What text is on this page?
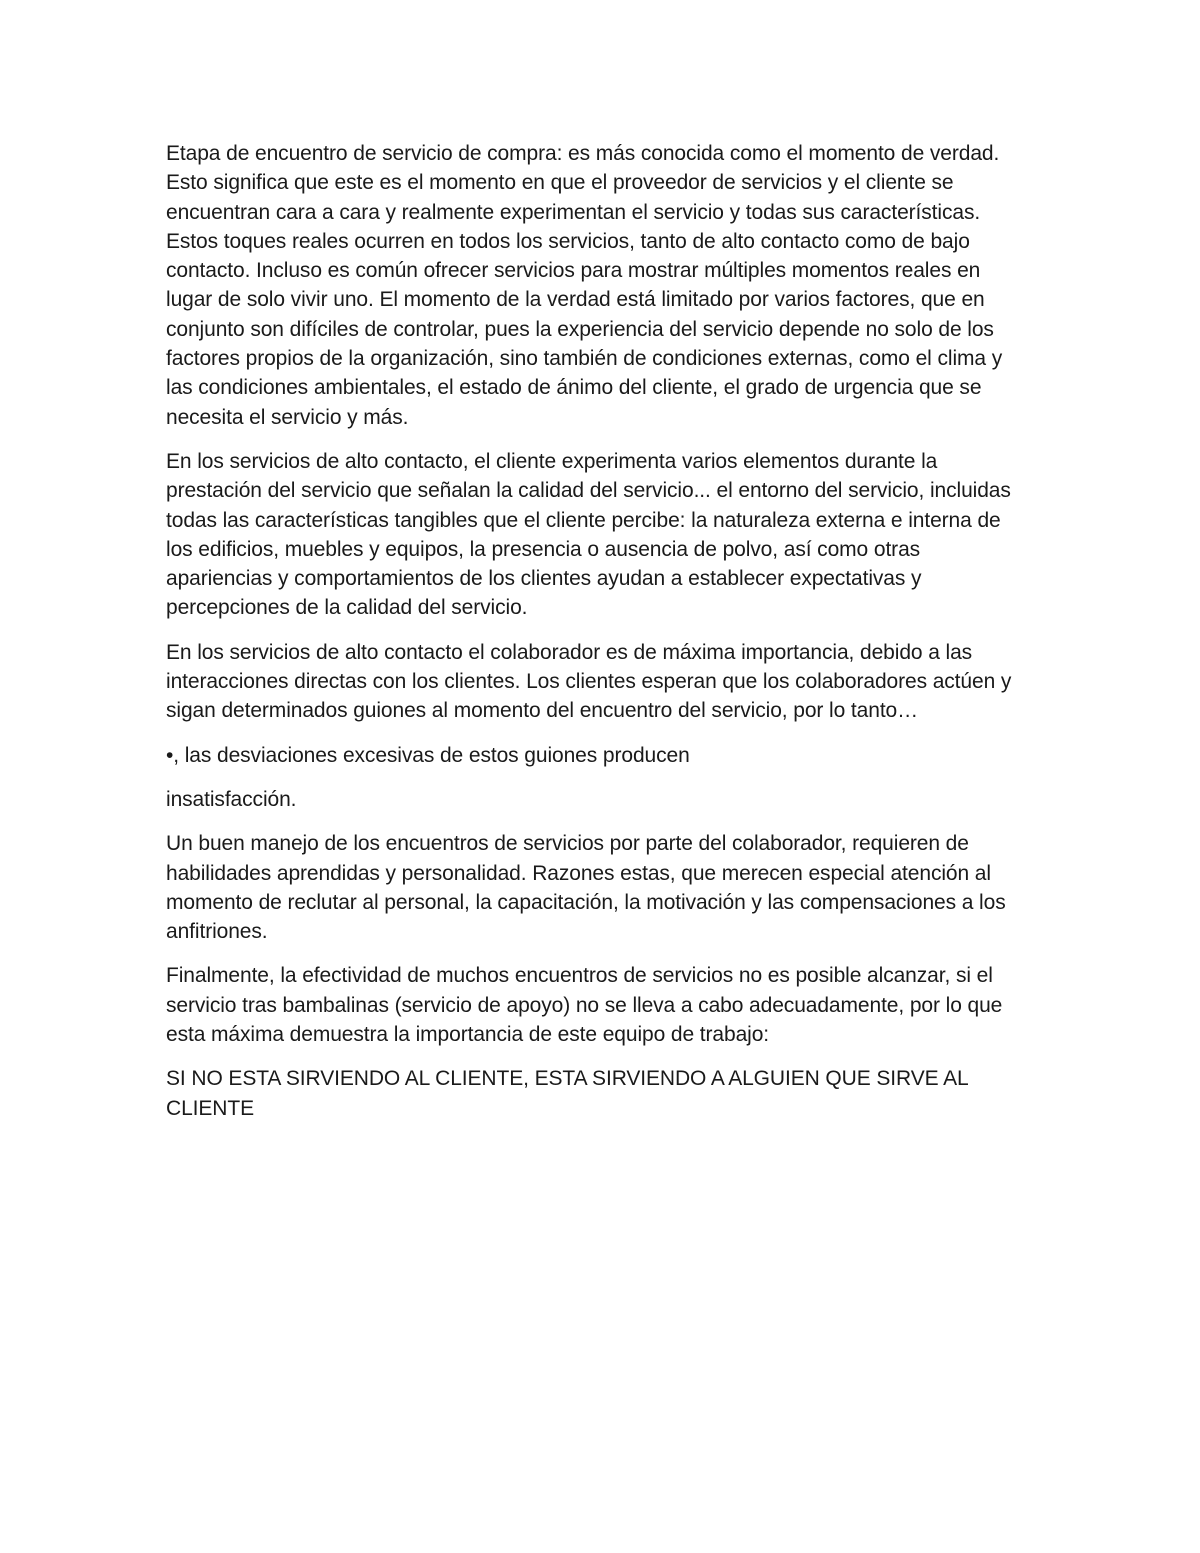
Etapa de encuentro de servicio de compra: es más conocida como el momento de verdad. Esto significa que este es el momento en que el proveedor de servicios y el cliente se encuentran cara a cara y realmente experimentan el servicio y todas sus características. Estos toques reales ocurren en todos los servicios, tanto de alto contacto como de bajo contacto. Incluso es común ofrecer servicios para mostrar múltiples momentos reales en lugar de solo vivir uno. El momento de la verdad está limitado por varios factores, que en conjunto son difíciles de controlar, pues la experiencia del servicio depende no solo de los factores propios de la organización, sino también de condiciones externas, como el clima y las condiciones ambientales, el estado de ánimo del cliente, el grado de urgencia que se necesita el servicio y más.

En los servicios de alto contacto, el cliente experimenta varios elementos durante la prestación del servicio que señalan la calidad del servicio... el entorno del servicio, incluidas todas las características tangibles que el cliente percibe: la naturaleza externa e interna de los edificios, muebles y equipos, la presencia o ausencia de polvo, así como otras apariencias y comportamientos de los clientes ayudan a establecer expectativas y percepciones de la calidad del servicio.

En los servicios de alto contacto el colaborador es de máxima importancia, debido a las interacciones directas con los clientes. Los clientes esperan que los colaboradores actúen y sigan determinados guiones al momento del encuentro del servicio, por lo tanto…

•, las desviaciones excesivas de estos guiones producen

insatisfacción.

Un buen manejo de los encuentros de servicios por parte del colaborador, requieren de habilidades aprendidas y personalidad. Razones estas, que merecen especial atención al momento de reclutar al personal, la capacitación, la motivación y las compensaciones a los anfitriones.

Finalmente, la efectividad de muchos encuentros de servicios no es posible alcanzar, si el servicio tras bambalinas (servicio de apoyo) no se lleva a cabo adecuadamente, por lo que esta máxima demuestra la importancia de este equipo de trabajo:

SI NO ESTA SIRVIENDO AL CLIENTE, ESTA SIRVIENDO A ALGUIEN QUE SIRVE AL CLIENTE
